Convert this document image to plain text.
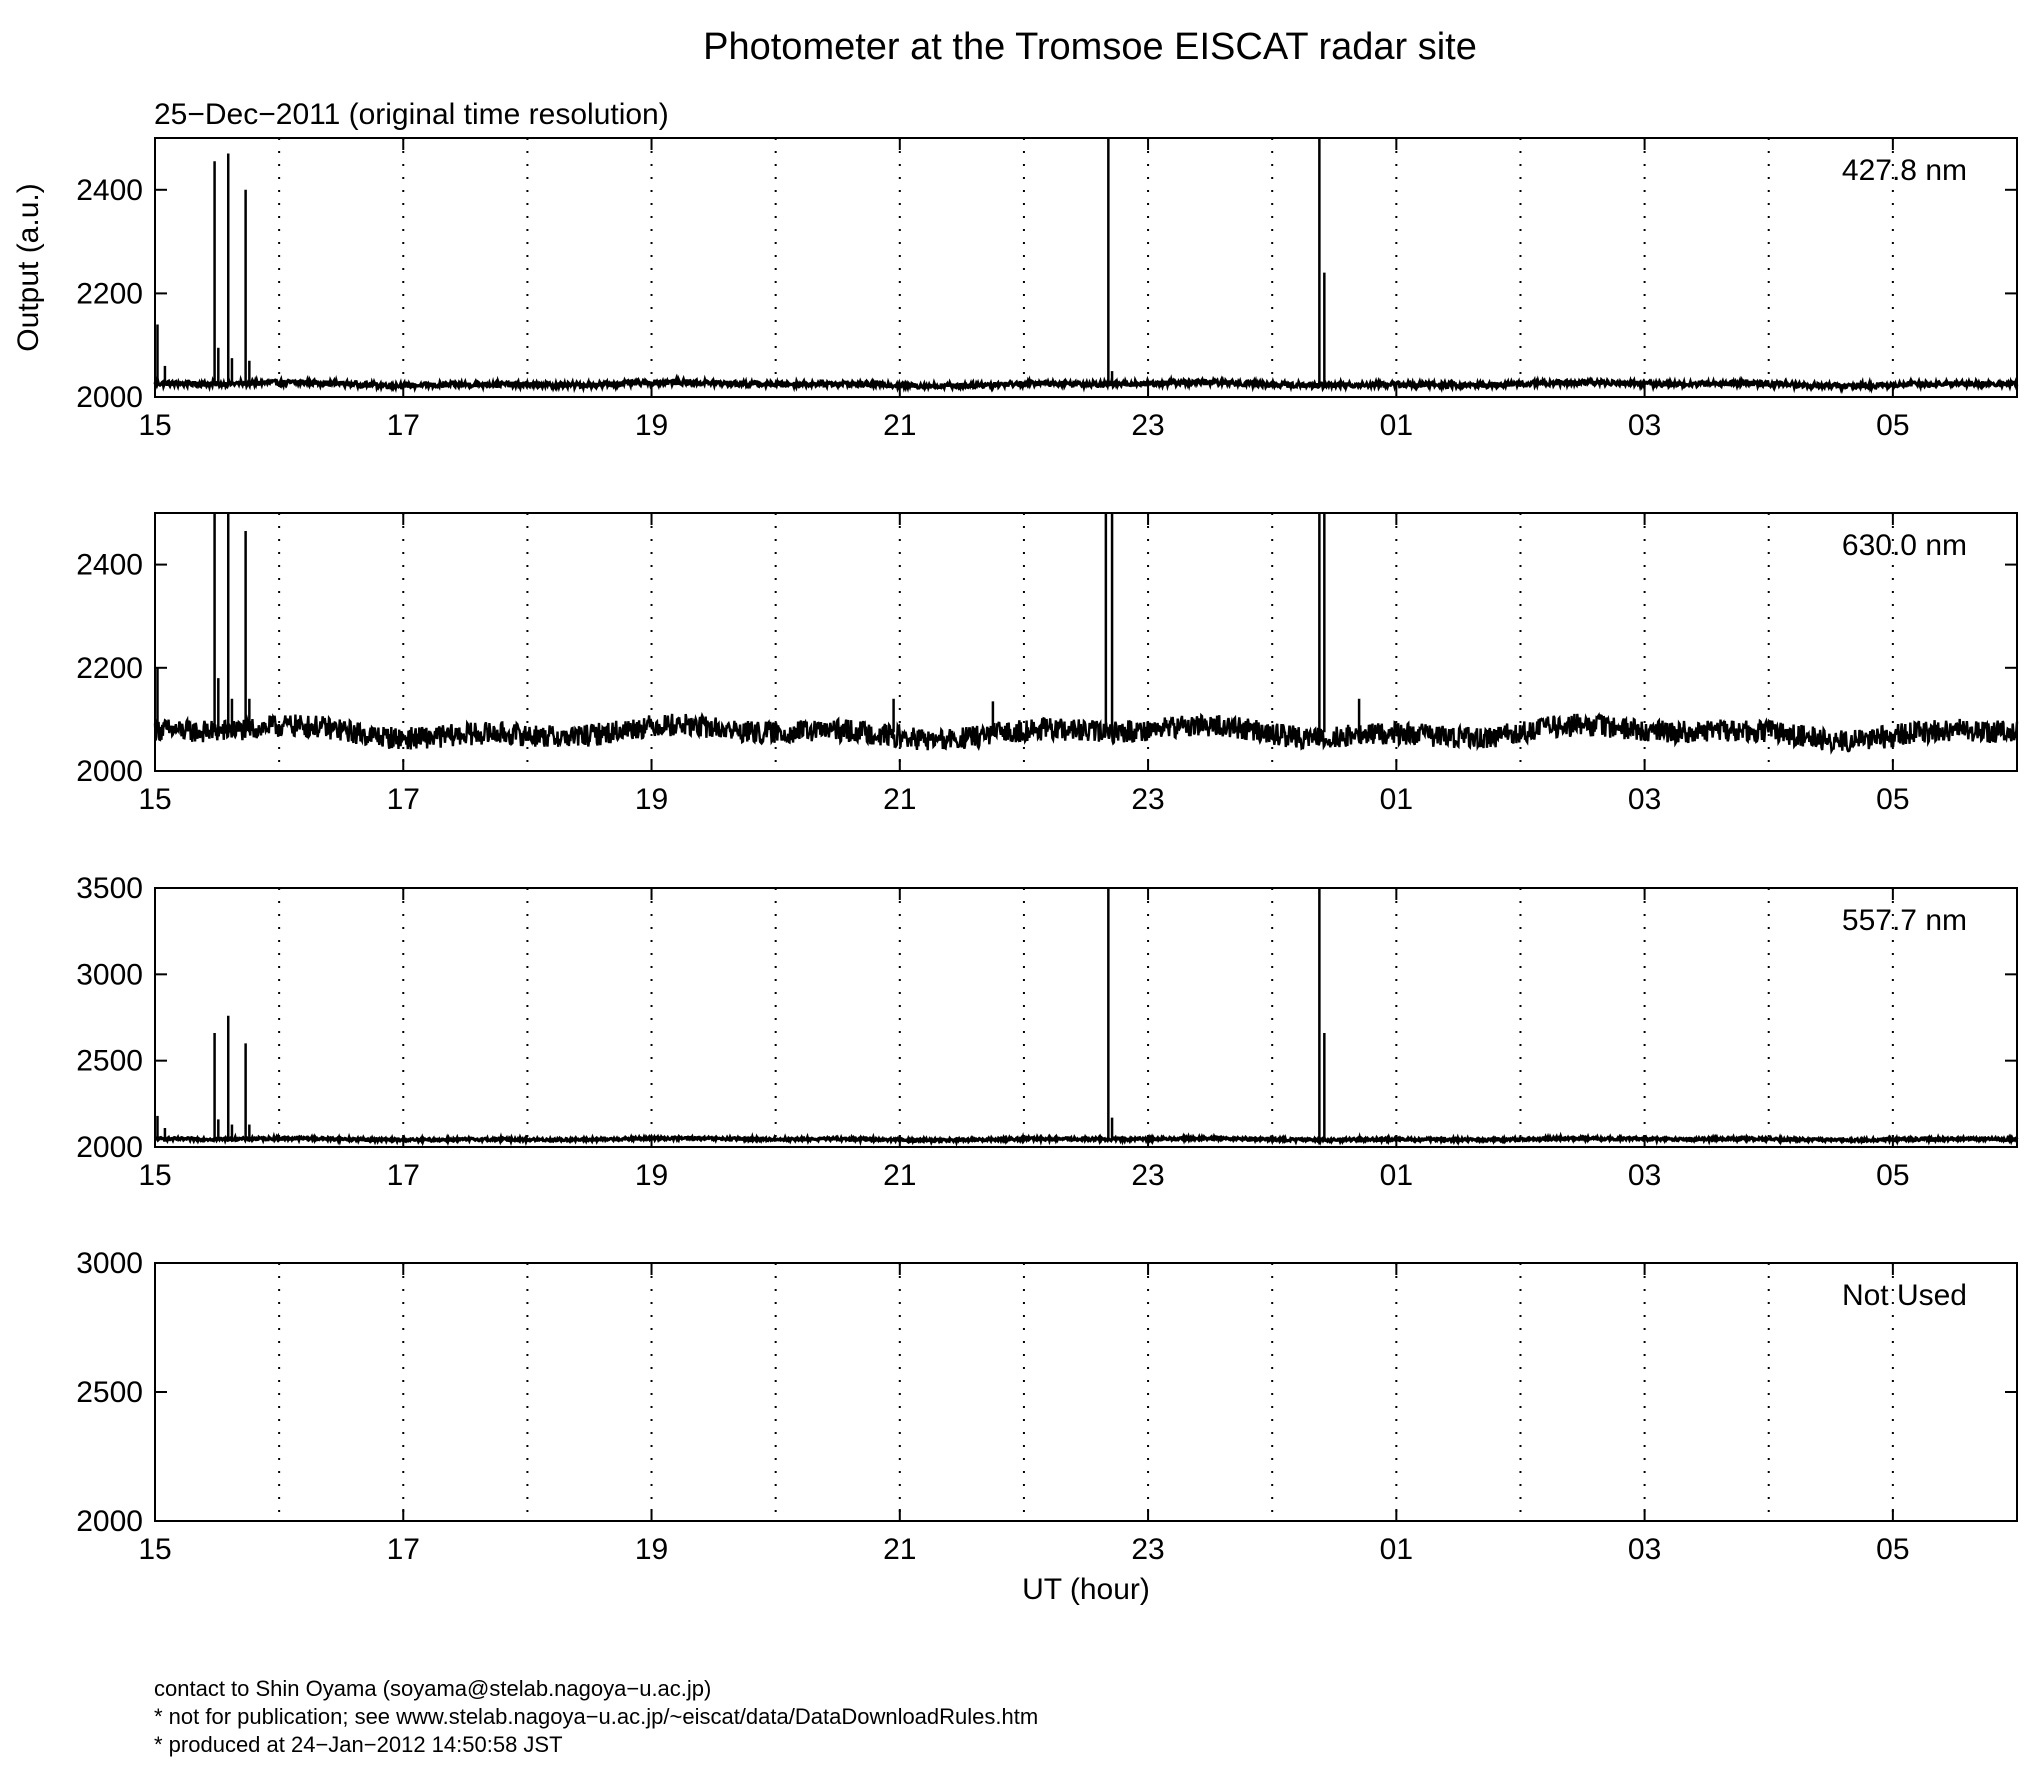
Photometer at the Tromsoe EISCAT radar site
25−Dec−2011 (original time resolution)
15	17	19	21	23	01	03	05
2000
2200
2400
427.8 nm
Output (a.u.)
15	17	19	21	23	01	03	05
2000
2200
2400
630.0 nm
15	17	19	21	23	01	03	05
2000
2500
3000
3500
557.7 nm
15	17	19	21	23	01	03	05
2000
2500
3000
Not Used
UT (hour)
contact to Shin Oyama (soyama@stelab.nagoya−u.ac.jp)
* not for publication; see www.stelab.nagoya−u.ac.jp/~eiscat/data/DataDownloadRules.htm
* produced at 24−Jan−2012 14:50:58 JST
